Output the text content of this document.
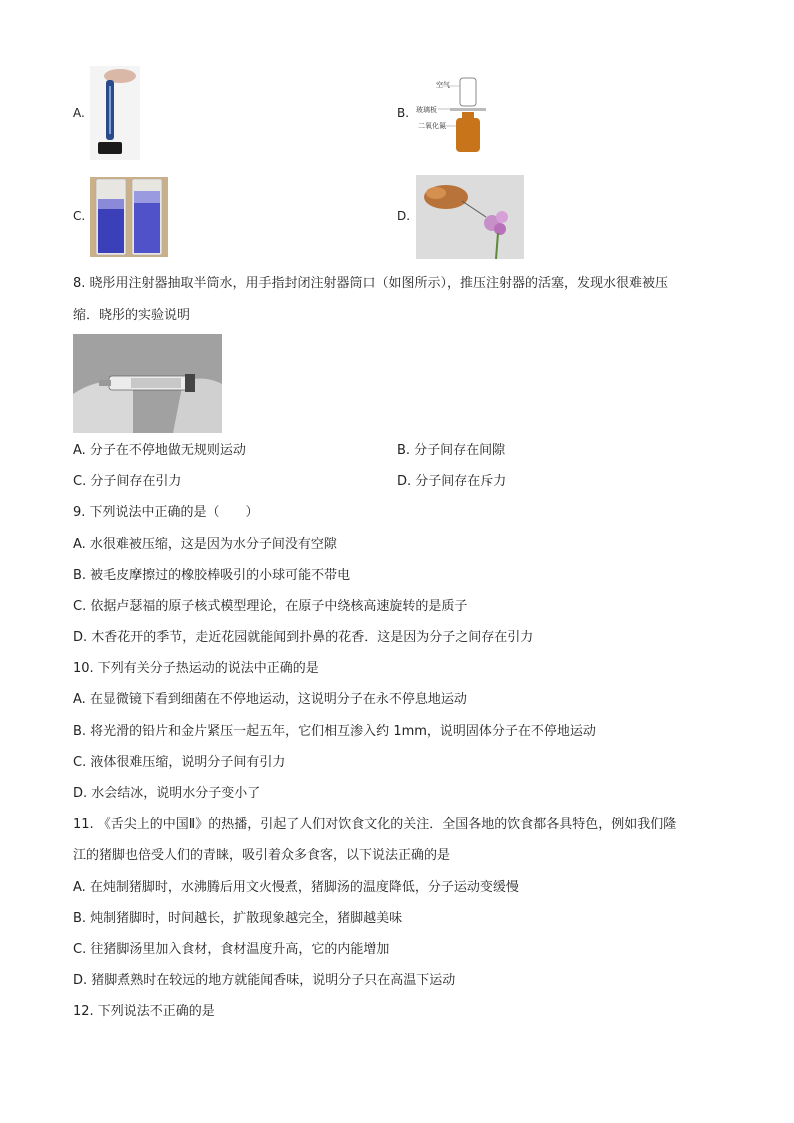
A.	B.
空气
玻璃板
二氧化氮
C.	D.
8. 晓彤用注射器抽取半筒水，用手指封闭注射器筒口（如图所示），推压注射器的活塞，发现水很难被压
缩．晓彤的实验说明
A. 分子在不停地做无规则运动	B. 分子间存在间隙
C. 分子间存在引力	D. 分子间存在斥力
9. 下列说法中正确的是（　　）
A. 水很难被压缩，这是因为水分子间没有空隙
B. 被毛皮摩擦过的橡胶棒吸引的小球可能不带电
C. 依据卢瑟福的原子核式模型理论，在原子中绕核高速旋转的是质子
D. 木香花开的季节，走近花园就能闻到扑鼻的花香．这是因为分子之间存在引力
10. 下列有关分子热运动的说法中正确的是
A. 在显微镜下看到细菌在不停地运动，这说明分子在永不停息地运动
B. 将光滑的铅片和金片紧压一起五年，它们相互渗入约 1mm，说明固体分子在不停地运动
C. 液体很难压缩，说明分子间有引力
D. 水会结冰，说明水分子变小了
11. 《舌尖上的中国Ⅱ》的热播，引起了人们对饮食文化的关注．全国各地的饮食都各具特色，例如我们隆
江的猪脚也倍受人们的青睐，吸引着众多食客，以下说法正确的是
A. 在炖制猪脚时，水沸腾后用文火慢煮，猪脚汤的温度降低，分子运动变缓慢
B. 炖制猪脚时，时间越长，扩散现象越完全，猪脚越美味
C. 往猪脚汤里加入食材，食材温度升高，它的内能增加
D. 猪脚煮熟时在较远的地方就能闻香味，说明分子只在高温下运动
12. 下列说法不正确的是
